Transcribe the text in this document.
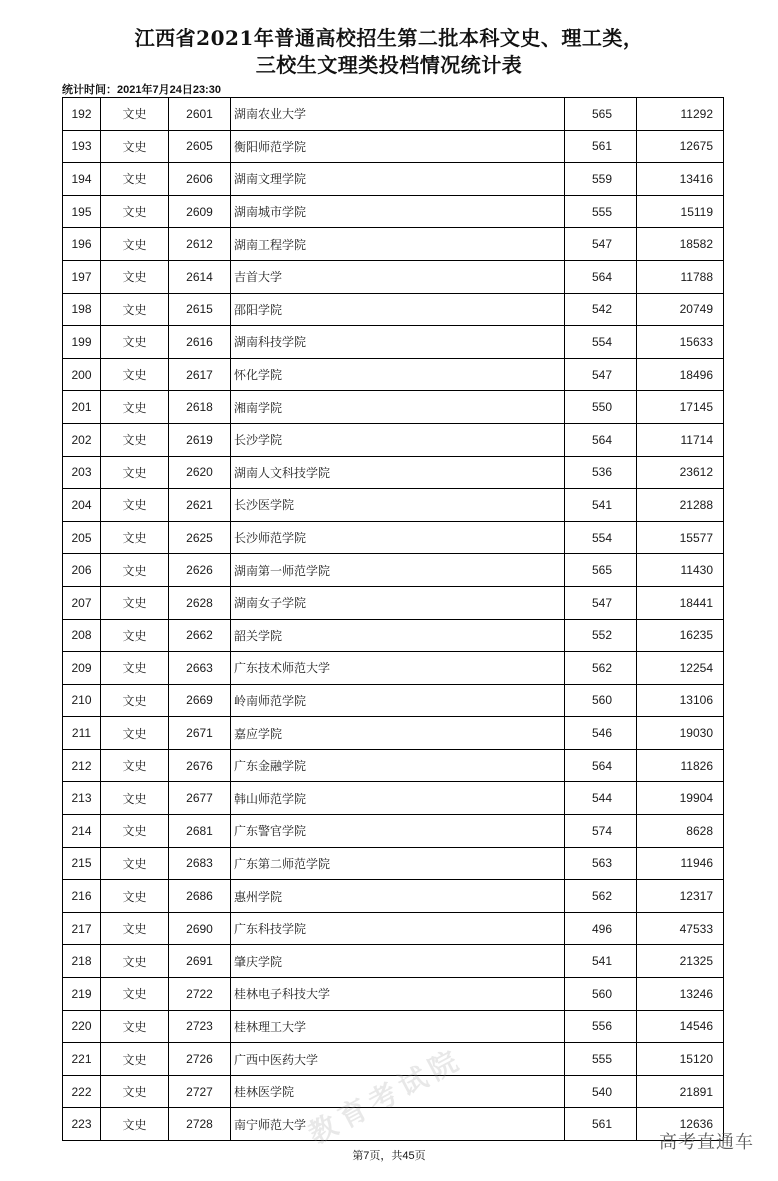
江西省2021年普通高校招生第二批本科文史、理工类，
三校生文理类投档情况统计表
统计时间：2021年7月24日23:30
192	文史	2601	湖南农业大学	565	11292
193	文史	2605	衡阳师范学院	561	12675
194	文史	2606	湖南文理学院	559	13416
195	文史	2609	湖南城市学院	555	15119
196	文史	2612	湖南工程学院	547	18582
197	文史	2614	吉首大学	564	11788
198	文史	2615	邵阳学院	542	20749
199	文史	2616	湖南科技学院	554	15633
200	文史	2617	怀化学院	547	18496
201	文史	2618	湘南学院	550	17145
202	文史	2619	长沙学院	564	11714
203	文史	2620	湖南人文科技学院	536	23612
204	文史	2621	长沙医学院	541	21288
205	文史	2625	长沙师范学院	554	15577
206	文史	2626	湖南第一师范学院	565	11430
207	文史	2628	湖南女子学院	547	18441
208	文史	2662	韶关学院	552	16235
209	文史	2663	广东技术师范大学	562	12254
210	文史	2669	岭南师范学院	560	13106
211	文史	2671	嘉应学院	546	19030
212	文史	2676	广东金融学院	564	11826
213	文史	2677	韩山师范学院	544	19904
214	文史	2681	广东警官学院	574	8628
215	文史	2683	广东第二师范学院	563	11946
216	文史	2686	惠州学院	562	12317
217	文史	2690	广东科技学院	496	47533
218	文史	2691	肇庆学院	541	21325
219	文史	2722	桂林电子科技大学	560	13246
220	文史	2723	桂林理工大学	556	14546
221	文史	2726	广西中医药大学	555	15120
222	文史	2727	桂林医学院	540	21891
223	文史	2728	南宁师范大学	561	12636
教育考试院
第7页，共45页
高考直通车
